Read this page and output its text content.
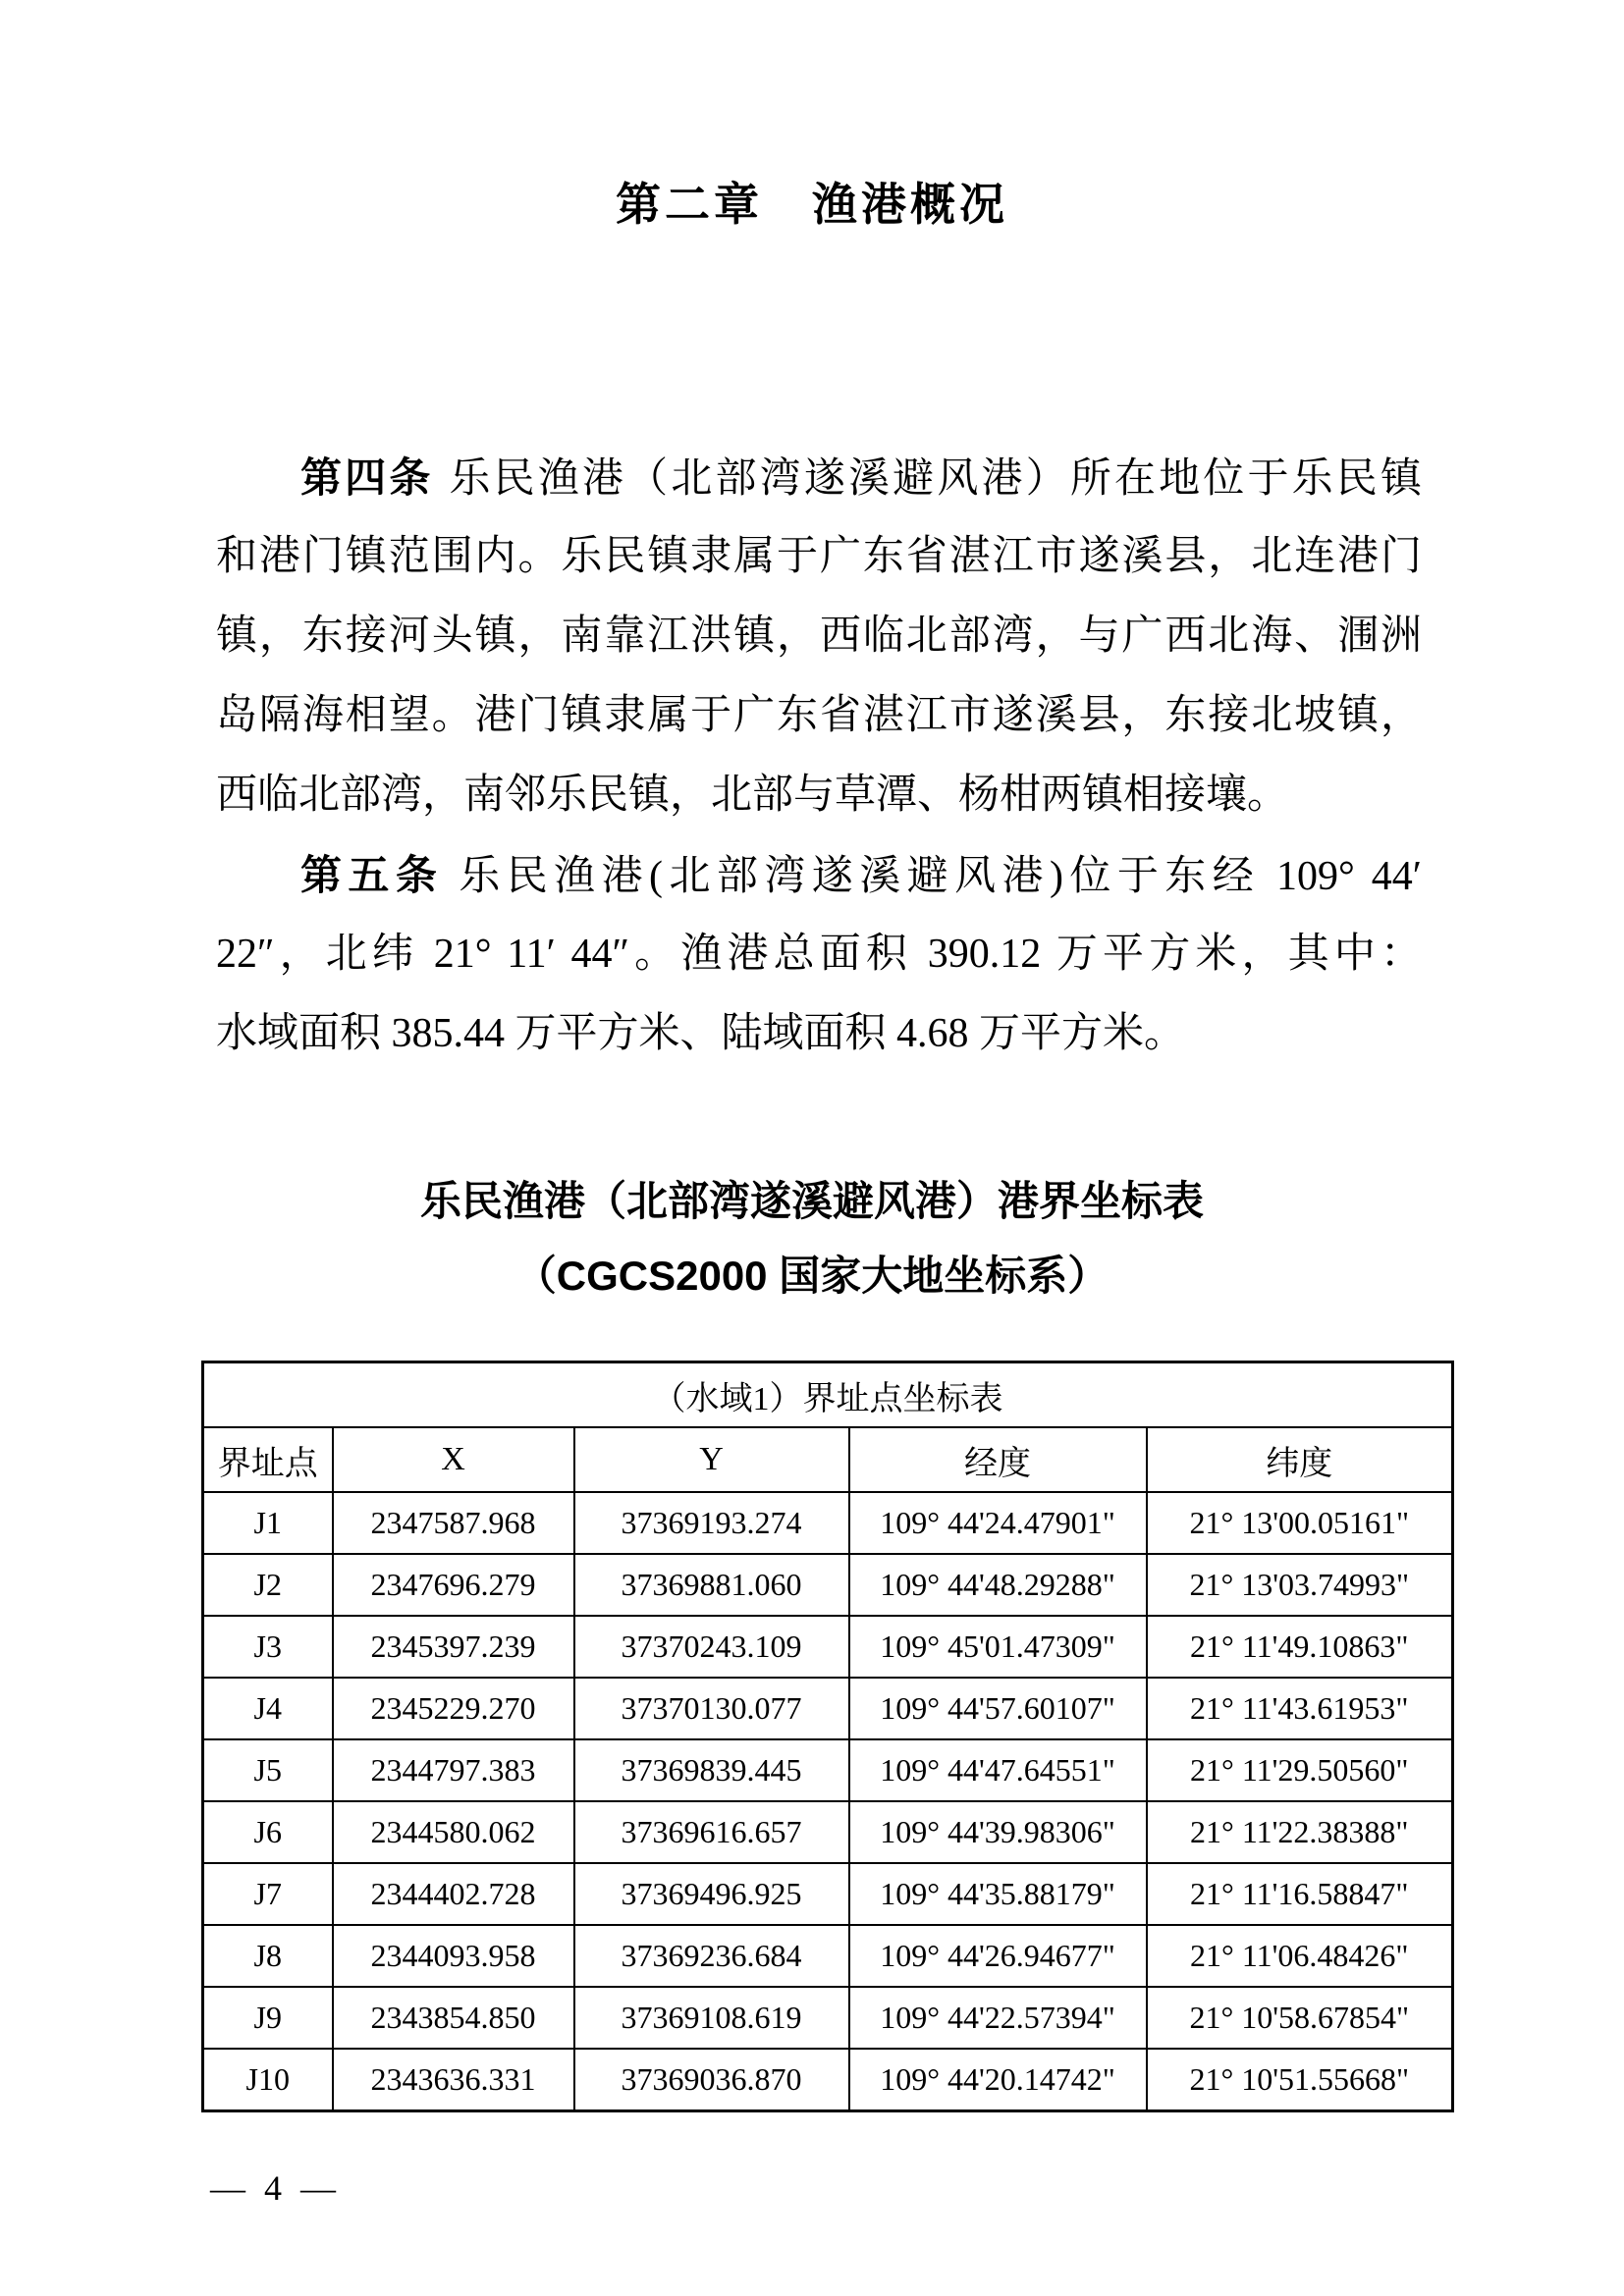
第二章　渔港概况
第四条 乐民渔港（北部湾遂溪避风港）所在地位于乐民镇
和港门镇范围内。乐民镇隶属于广东省湛江市遂溪县，北连港门
镇，东接河头镇，南靠江洪镇，西临北部湾，与广西北海、涠洲
岛隔海相望。港门镇隶属于广东省湛江市遂溪县，东接北坡镇，
西临北部湾，南邻乐民镇，北部与草潭、杨柑两镇相接壤。
第五条 乐民渔港(北部湾遂溪避风港)位于东经 109° 44′
22″，北纬 21° 11′ 44″。渔港总面积 390.12 万平方米，其中：
水域面积 385.44 万平方米、陆域面积 4.68 万平方米。
乐民渔港（北部湾遂溪避风港）港界坐标表
（CGCS2000 国家大地坐标系）
（水域1）界址点坐标表				
界址点	X	Y	经度	纬度
J1	2347587.968	37369193.274	109° 44'24.47901"	21° 13'00.05161"
J2	2347696.279	37369881.060	109° 44'48.29288"	21° 13'03.74993"
J3	2345397.239	37370243.109	109° 45'01.47309"	21° 11'49.10863"
J4	2345229.270	37370130.077	109° 44'57.60107"	21° 11'43.61953"
J5	2344797.383	37369839.445	109° 44'47.64551"	21° 11'29.50560"
J6	2344580.062	37369616.657	109° 44'39.98306"	21° 11'22.38388"
J7	2344402.728	37369496.925	109° 44'35.88179"	21° 11'16.58847"
J8	2344093.958	37369236.684	109° 44'26.94677"	21° 11'06.48426"
J9	2343854.850	37369108.619	109° 44'22.57394"	21° 10'58.67854"
J10	2343636.331	37369036.870	109° 44'20.14742"	21° 10'51.55668"
— 4 —
